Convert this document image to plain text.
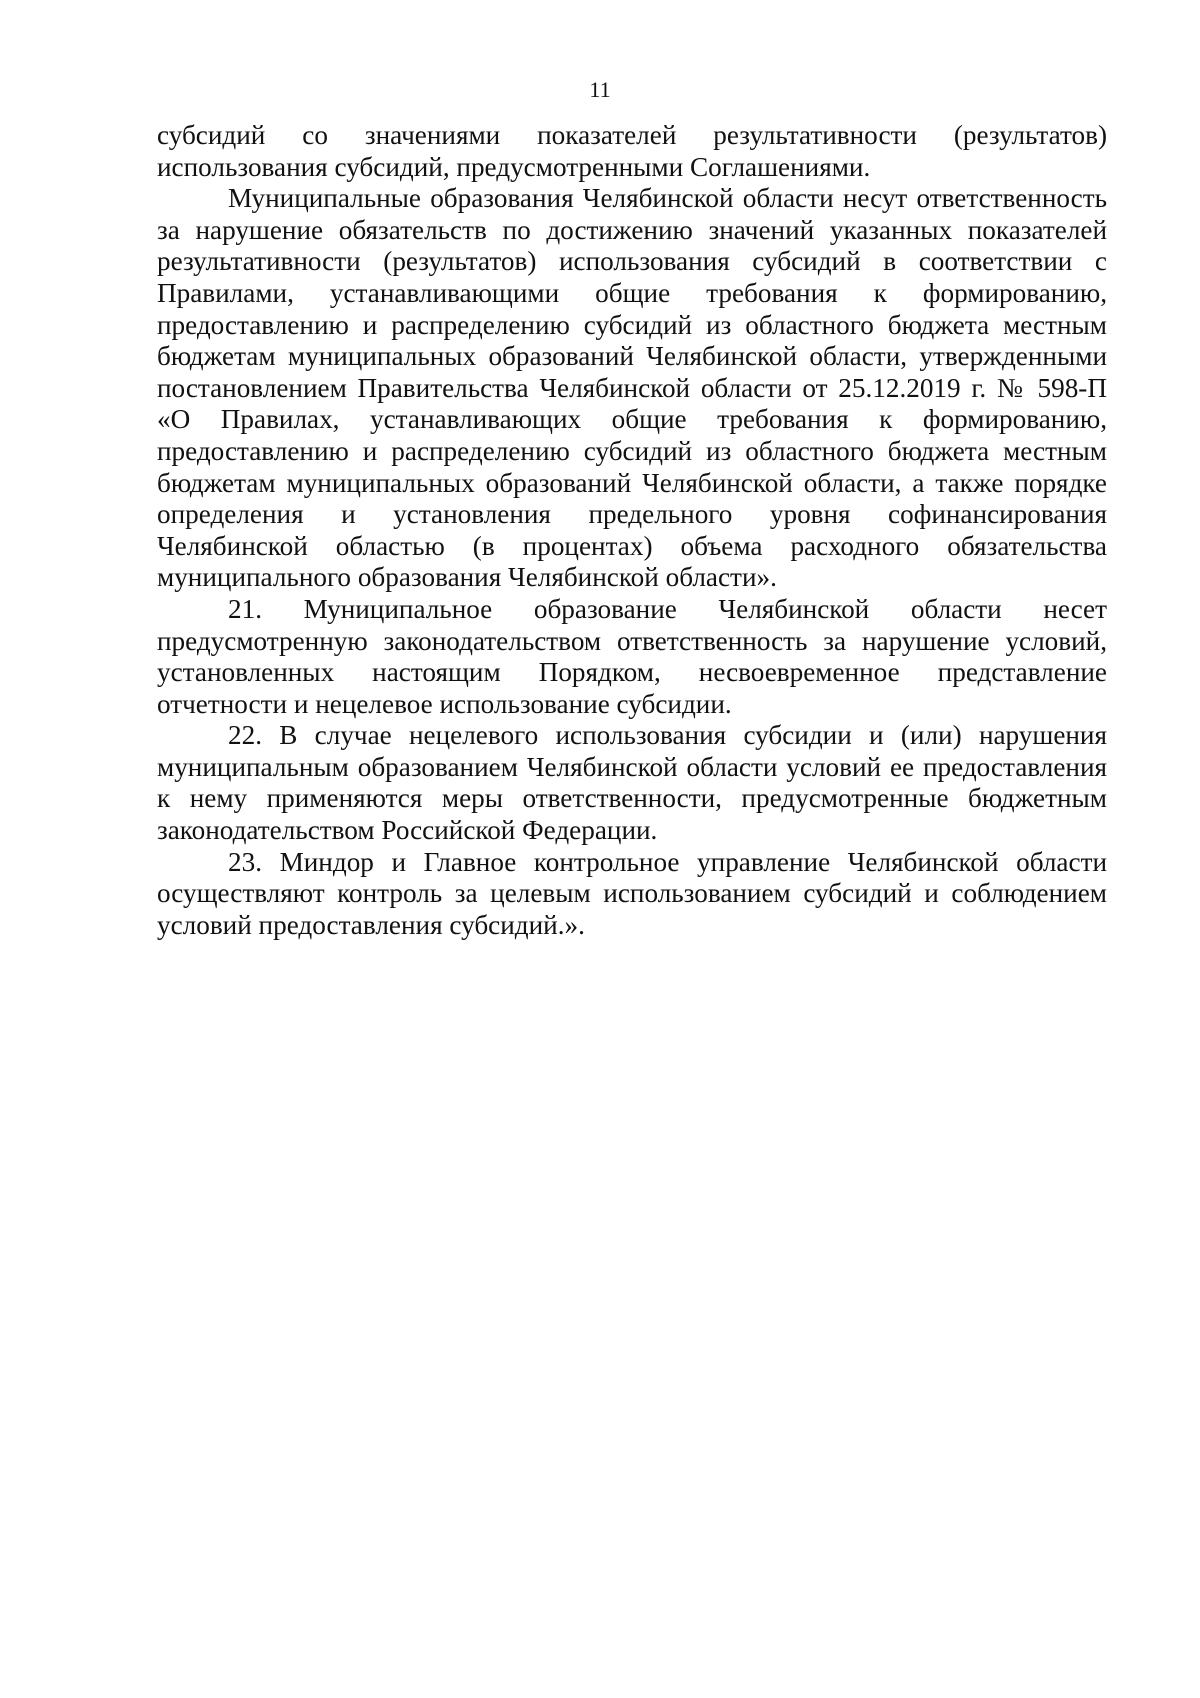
11

субсидий со значениями показателей результативности (результатов) использования субсидий, предусмотренными Соглашениями.

Муниципальные образования Челябинской области несут ответственность за нарушение обязательств по достижению значений указанных показателей результативности (результатов) использования субсидий в соответствии с Правилами, устанавливающими общие требования к формированию, предоставлению и распределению субсидий из областного бюджета местным бюджетам муниципальных образований Челябинской области, утвержденными постановлением Правительства Челябинской области от 25.12.2019 г. № 598-П «О Правилах, устанавливающих общие требования к формированию, предоставлению и распределению субсидий из областного бюджета местным бюджетам муниципальных образований Челябинской области, а также порядке определения и установления предельного уровня софинансирования Челябинской областью (в процентах) объема расходного обязательства муниципального образования Челябинской области».

21. Муниципальное образование Челябинской области несет предусмотренную законодательством ответственность за нарушение условий, установленных настоящим Порядком, несвоевременное представление отчетности и нецелевое использование субсидии.

22. В случае нецелевого использования субсидии и (или) нарушения муниципальным образованием Челябинской области условий ее предоставления к нему применяются меры ответственности, предусмотренные бюджетным законодательством Российской Федерации.

23. Миндор и Главное контрольное управление Челябинской области осуществляют контроль за целевым использованием субсидий и соблюдением условий предоставления субсидий.».
